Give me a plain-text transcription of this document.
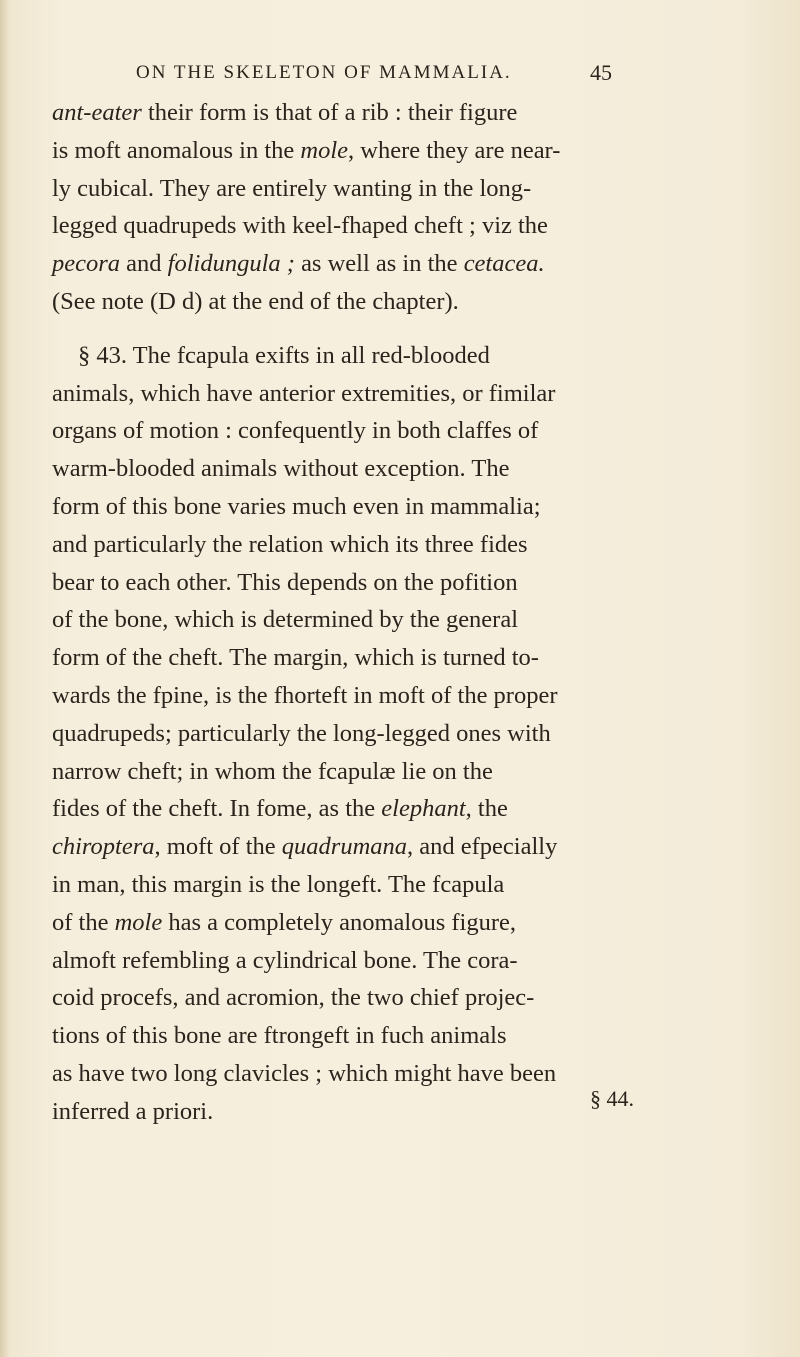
ON THE SKELETON OF MAMMALIA.	45
ant-eater their form is that of a rib : their figure
is moft anomalous in the mole, where they are near-
ly cubical. They are entirely wanting in the long-
legged quadrupeds with keel-fhaped cheft ; viz the
pecora and folidungula ; as well as in the cetacea.
(See note (D d) at the end of the chapter).
§ 43. The fcapula exifts in all red-blooded
animals, which have anterior extremities, or fimilar
organs of motion : confequently in both claffes of
warm-blooded animals without exception. The
form of this bone varies much even in mammalia;
and particularly the relation which its three fides
bear to each other. This depends on the pofition
of the bone, which is determined by the general
form of the cheft. The margin, which is turned to-
wards the fpine, is the fhorteft in moft of the proper
quadrupeds; particularly the long-legged ones with
narrow cheft; in whom the fcapulæ lie on the
fides of the cheft. In fome, as the elephant, the
chiroptera, moft of the quadrumana, and efpecially
in man, this margin is the longeft. The fcapula
of the mole has a completely anomalous figure,
almoft refembling a cylindrical bone. The cora-
coid procefs, and acromion, the two chief projec-
tions of this bone are ftrongeft in fuch animals
as have two long clavicles ; which might have been
inferred a priori.	§ 44.
